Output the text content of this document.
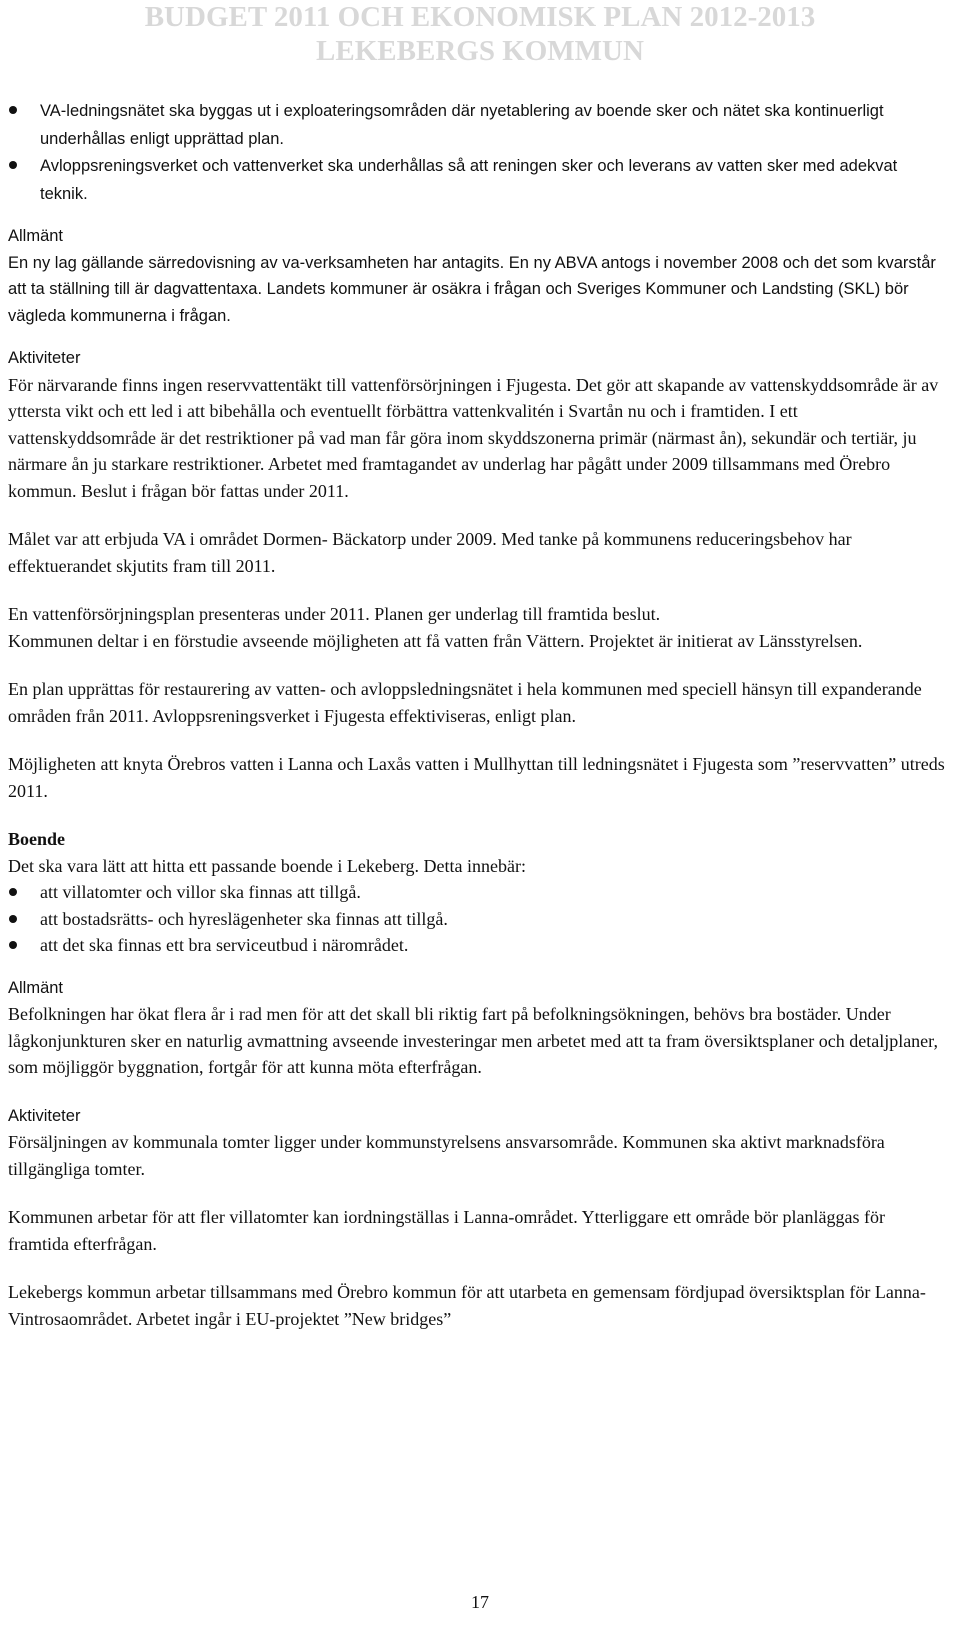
BUDGET 2011 OCH EKONOMISK PLAN 2012-2013
LEKEBERGS KOMMUN
VA-ledningsnätet ska byggas ut i exploateringsområden där nyetablering av boende sker och nätet ska kontinuerligt underhållas enligt upprättad plan.
Avloppsreningsverket och vattenverket ska underhållas så att reningen sker och leverans av vatten sker med adekvat teknik.

Allmänt

En ny lag gällande särredovisning av va-verksamheten har antagits. En ny ABVA antogs i november 2008 och det som kvarstår att ta ställning till är dagvattentaxa. Landets kommuner är osäkra i frågan och Sveriges Kommuner och Landsting (SKL) bör vägleda kommunerna i frågan.

Aktiviteter

För närvarande finns ingen reservvattentäkt till vattenförsörjningen i Fjugesta. Det gör att skapande av vattenskyddsområde är av yttersta vikt och ett led i att bibehålla och eventuellt förbättra vattenkvalitén i Svartån nu och i framtiden. I ett vattenskyddsområde är det restriktioner på vad man får göra inom skyddszonerna primär (närmast ån), sekundär och tertiär, ju närmare ån ju starkare restriktioner. Arbetet med framtagandet av underlag har pågått under 2009 tillsammans med Örebro kommun. Beslut i frågan bör fattas under 2011.

Målet var att erbjuda VA i området Dormen- Bäckatorp under 2009. Med tanke på kommunens reduceringsbehov har effektuerandet skjutits fram till 2011.

En vattenförsörjningsplan presenteras under 2011. Planen ger underlag till framtida beslut.

Kommunen deltar i en förstudie avseende möjligheten att få vatten från Vättern. Projektet är initierat av Länsstyrelsen.

En plan upprättas för restaurering av vatten- och avloppsledningsnätet i hela kommunen med speciell hänsyn till expanderande områden från 2011. Avloppsreningsverket i Fjugesta effektiviseras, enligt plan.

Möjligheten att knyta Örebros vatten i Lanna och Laxås vatten i Mullhyttan till ledningsnätet i Fjugesta som ”reservvatten” utreds 2011.

Boende

Det ska vara lätt att hitta ett passande boende i Lekeberg. Detta innebär:

att villatomter och villor ska finnas att tillgå.
att bostadsrätts- och hyreslägenheter ska finnas att tillgå.
att det ska finnas ett bra serviceutbud i närområdet.

Allmänt

Befolkningen har ökat flera år i rad men för att det skall bli riktig fart på befolkningsökningen, behövs bra bostäder. Under lågkonjunkturen sker en naturlig avmattning avseende investeringar men arbetet med att ta fram översiktsplaner och detaljplaner, som möjliggör byggnation, fortgår för att kunna möta efterfrågan.

Aktiviteter

Försäljningen av kommunala tomter ligger under kommunstyrelsens ansvarsområde. Kommunen ska aktivt marknadsföra tillgängliga tomter.

Kommunen arbetar för att fler villatomter kan iordningställas i Lanna-området. Ytterliggare ett område bör planläggas för framtida efterfrågan.

Lekebergs kommun arbetar tillsammans med Örebro kommun för att utarbeta en gemensam fördjupad översiktsplan för Lanna-Vintrosaområdet. Arbetet ingår i EU-projektet ”New bridges”

17
